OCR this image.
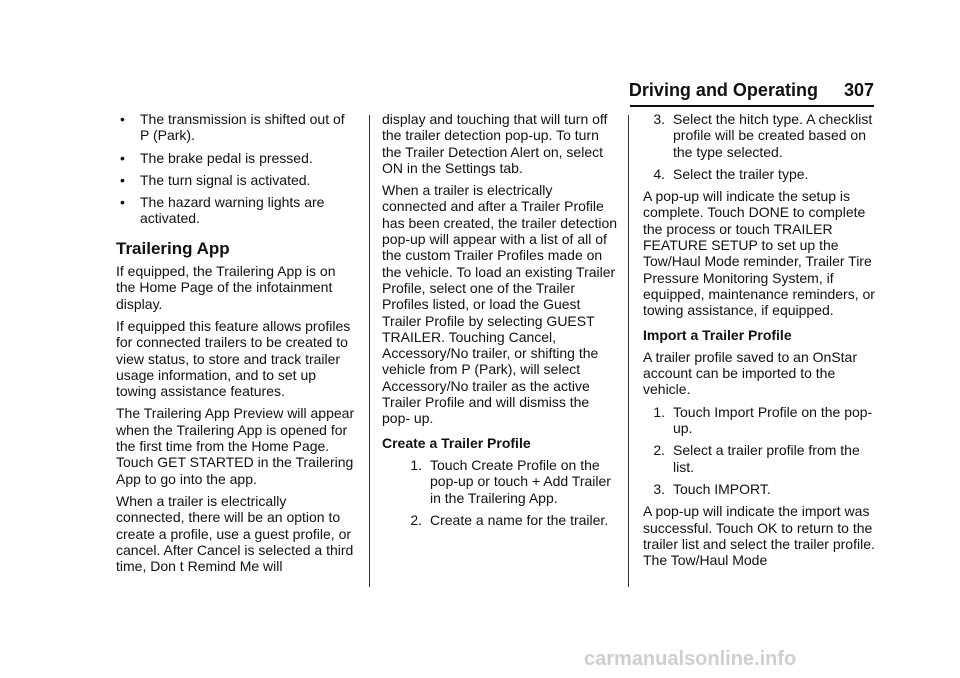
Driving and Operating 307
•	The transmission is shifted out of P (Park).
•	The brake pedal is pressed.
•	The turn signal is activated.
•	The hazard warning lights are activated.
Trailering App

If equipped, the Trailering App is on the Home Page of the infotainment display.

If equipped this feature allows profiles for connected trailers to be created to view status, to store and track trailer usage information, and to set up towing assistance features.

The Trailering App Preview will appear when the Trailering App is opened for the first time from the Home Page. Touch GET STARTED in the Trailering App to go into the app.

When a trailer is electrically connected, there will be an option to create a profile, use a guest profile, or cancel. After Cancel is selected a third time, Don t Remind Me will

display and touching that will turn off the trailer detection pop-up. To turn the Trailer Detection Alert on, select ON in the Settings tab.

When a trailer is electrically connected and after a Trailer Profile has been created, the trailer detection pop-up will appear with a list of all of the custom Trailer Profiles made on the vehicle. To load an existing Trailer Profile, select one of the Trailer Profiles listed, or load the Guest Trailer Profile by selecting GUEST TRAILER. Touching Cancel, Accessory/No trailer, or shifting the vehicle from P (Park), will select Accessory/No trailer as the active Trailer Profile and will dismiss the pop- up.

Create a Trailer Profile
1. Touch Create Profile on the pop-up or touch + Add Trailer in the Trailering App.
2. Create a name for the trailer.
3. Select the hitch type. A checklist profile will be created based on the type selected.
4. Select the trailer type.

A pop-up will indicate the setup is complete. Touch DONE to complete the process or touch TRAILER FEATURE SETUP to set up the Tow/Haul Mode reminder, Trailer Tire Pressure Monitoring System, if equipped, maintenance reminders, or towing assistance, if equipped.

Import a Trailer Profile

A trailer profile saved to an OnStar account can be imported to the vehicle.

1. Touch Import Profile on the pop-up.
2. Select a trailer profile from the list.
3. Touch IMPORT.

A pop-up will indicate the import was successful. Touch OK to return to the trailer list and select the trailer profile. The Tow/Haul Mode

carmanualsonline.info
